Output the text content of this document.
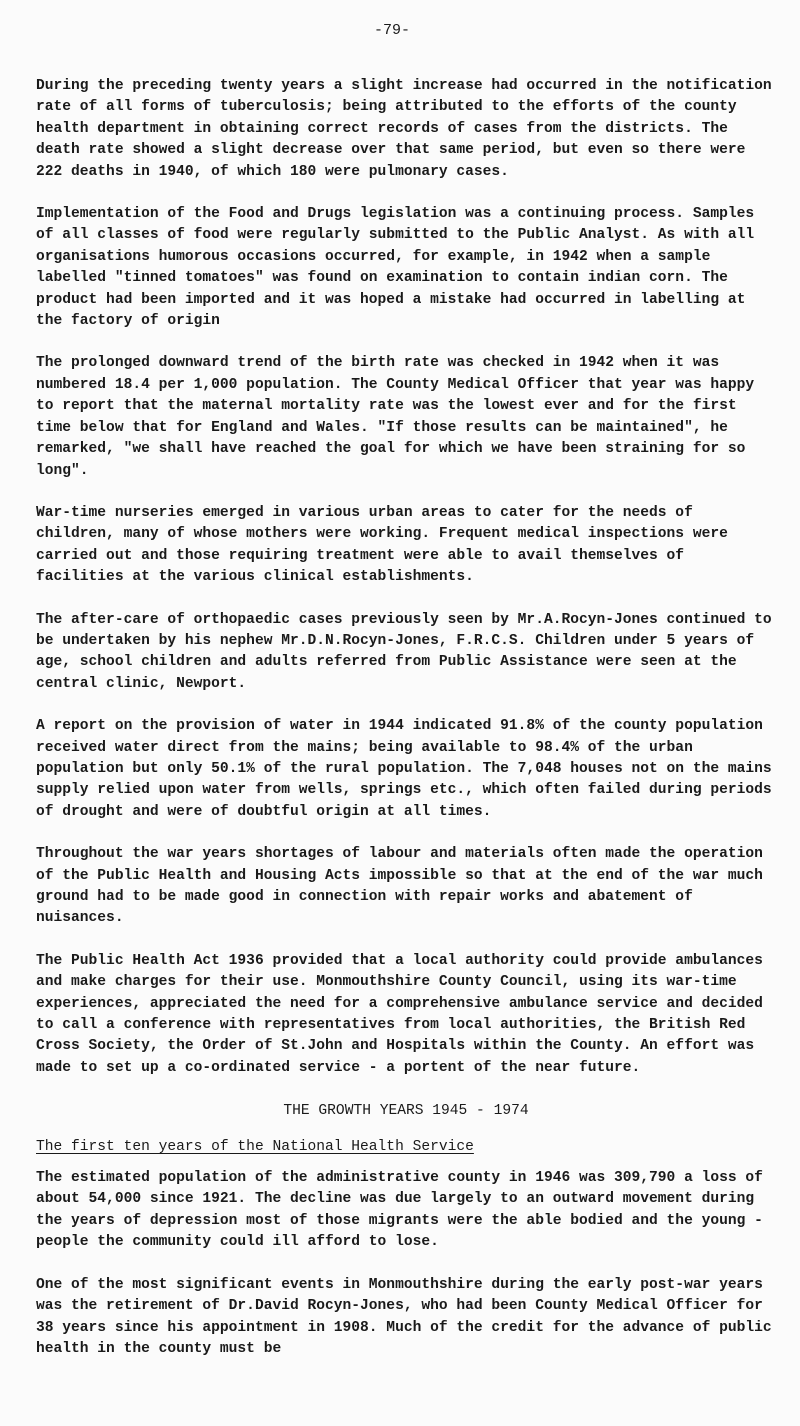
-79-

During the preceding twenty years a slight increase had occurred in the notification rate of all forms of tuberculosis; being attributed to the efforts of the county health department in obtaining correct records of cases from the districts. The death rate showed a slight decrease over that same period, but even so there were 222 deaths in 1940, of which 180 were pulmonary cases.

Implementation of the Food and Drugs legislation was a continuing process. Samples of all classes of food were regularly submitted to the Public Analyst. As with all organisations humorous occasions occurred, for example, in 1942 when a sample labelled "tinned tomatoes" was found on examination to contain indian corn. The product had been imported and it was hoped a mistake had occurred in labelling at the factory of origin

The prolonged downward trend of the birth rate was checked in 1942 when it was numbered 18.4 per 1,000 population. The County Medical Officer that year was happy to report that the maternal mortality rate was the lowest ever and for the first time below that for England and Wales. "If those results can be maintained", he remarked, "we shall have reached the goal for which we have been straining for so long".

War-time nurseries emerged in various urban areas to cater for the needs of children, many of whose mothers were working. Frequent medical inspections were carried out and those requiring treatment were able to avail themselves of facilities at the various clinical establishments.

The after-care of orthopaedic cases previously seen by Mr.A.Rocyn-Jones continued to be undertaken by his nephew Mr.D.N.Rocyn-Jones, F.R.C.S. Children under 5 years of age, school children and adults referred from Public Assistance were seen at the central clinic, Newport.

A report on the provision of water in 1944 indicated 91.8% of the county population received water direct from the mains; being available to 98.4% of the urban population but only 50.1% of the rural population. The 7,048 houses not on the mains supply relied upon water from wells, springs etc., which often failed during periods of drought and were of doubtful origin at all times.

Throughout the war years shortages of labour and materials often made the operation of the Public Health and Housing Acts impossible so that at the end of the war much ground had to be made good in connection with repair works and abatement of nuisances.

The Public Health Act 1936 provided that a local authority could provide ambulances and make charges for their use. Monmouthshire County Council, using its war-time experiences, appreciated the need for a comprehensive ambulance service and decided to call a conference with representatives from local authorities, the British Red Cross Society, the Order of St.John and Hospitals within the County. An effort was made to set up a co-ordinated service - a portent of the near future.

THE GROWTH YEARS 1945 - 1974
The first ten years of the National Health Service

The estimated population of the administrative county in 1946 was 309,790 a loss of about 54,000 since 1921. The decline was due largely to an outward movement during the years of depression most of those migrants were the able bodied and the young - people the community could ill afford to lose.

One of the most significant events in Monmouthshire during the early post-war years was the retirement of Dr.David Rocyn-Jones, who had been County Medical Officer for 38 years since his appointment in 1908. Much of the credit for the advance of public health in the county must be
